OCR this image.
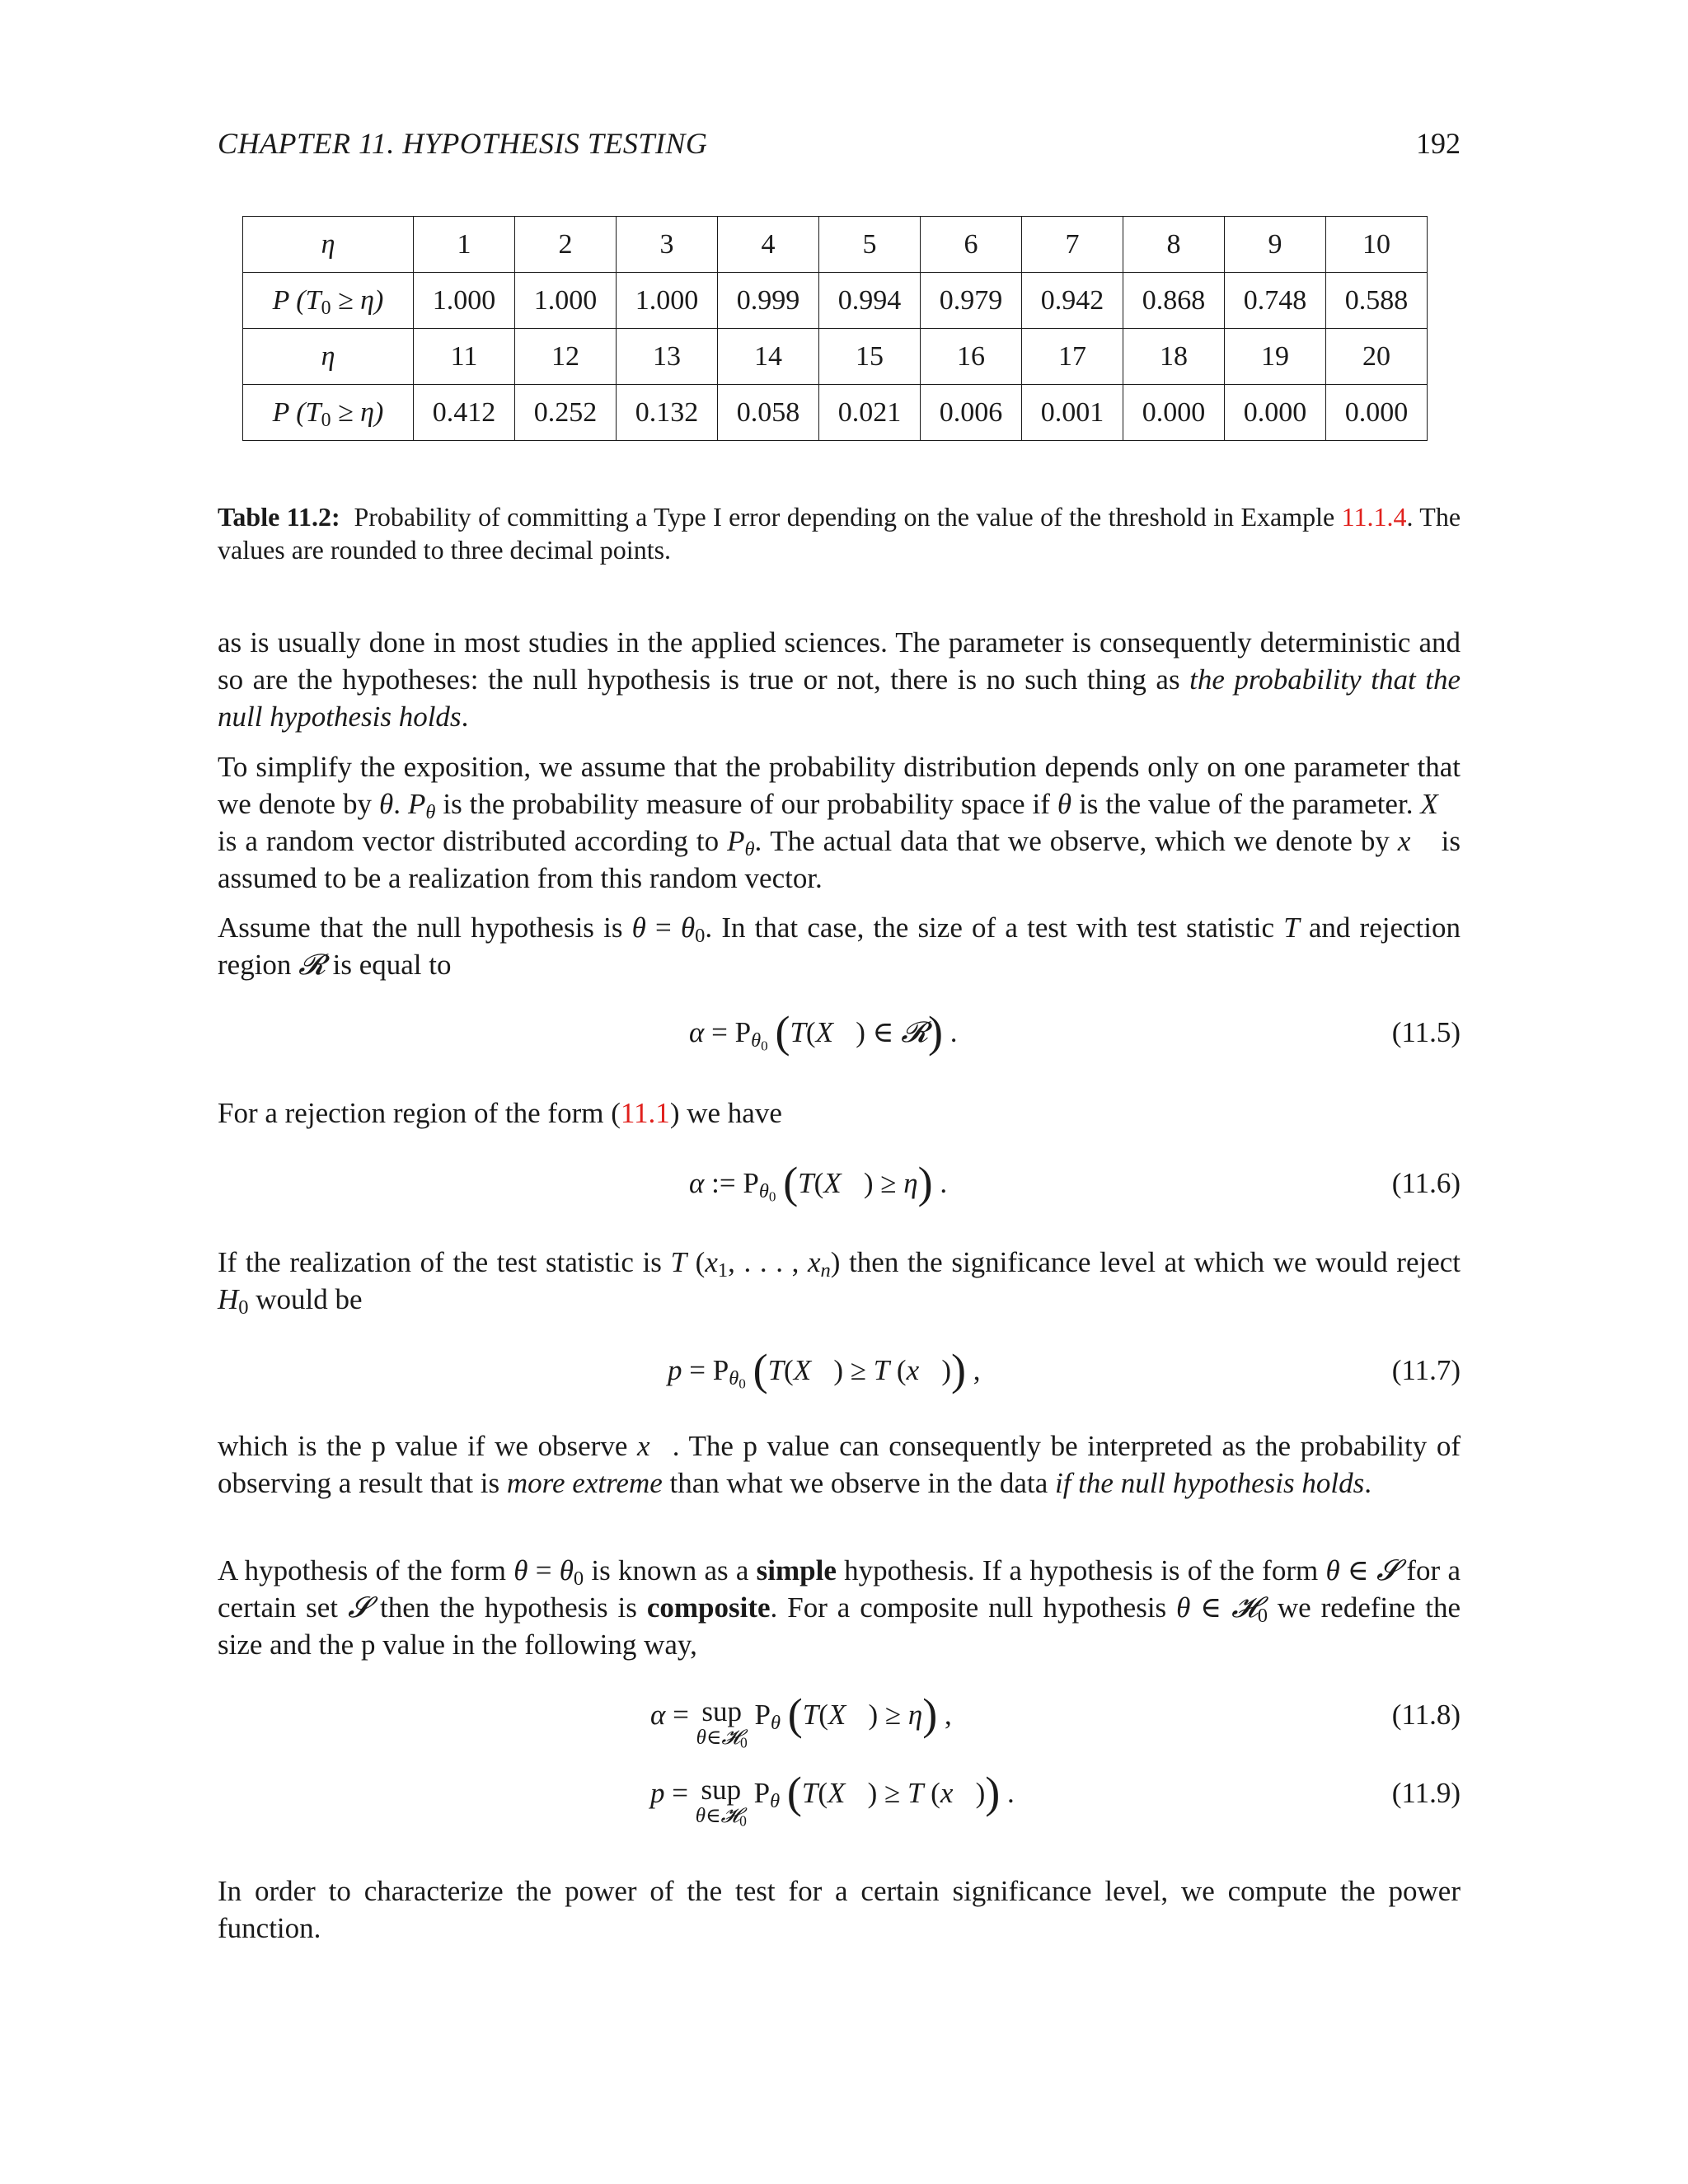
CHAPTER 11. HYPOTHESIS TESTING	192
η	1	2	3	4	5	6	7	8	9	10
P $(T_0 \ge \eta)$	1.000	1.000	1.000	0.999	0.994	0.979	0.942	0.868	0.748	0.588
η	11	12	13	14	15	16	17	18	19	20
P $(T_0 \ge \eta)$	0.412	0.252	0.132	0.058	0.021	0.006	0.001	0.000	0.000	0.000
Table 11.2: Probability of committing a Type I error depending on the value of the threshold in Example 11.1.4. The values are rounded to three decimal points.
as is usually done in most studies in the applied sciences. The parameter is consequently deterministic and so are the hypotheses: the null hypothesis is true or not, there is no such thing as the probability that the null hypothesis holds.
To simplify the exposition, we assume that the probability distribution depends only on one parameter that we denote by θ. $P_\theta$ is the probability measure of our probability space if θ is the value of the parameter. X⃗ is a random vector distributed according to $P_\theta$. The actual data that we observe, which we denote by x⃗ is assumed to be a realization from this random vector.
Assume that the null hypothesis is $\theta = \theta_0$. In that case, the size of a test with test statistic T and rejection region 𝓡 is equal to
$\alpha = P_{\theta_0}$ (T(X⃗) ∈ 𝓡) .	(11.5)
For a rejection region of the form (11.1) we have
α := $P_{\theta_0}$ (T(X⃗) ≥ η) .	(11.6)
If the realization of the test statistic is T ($x_1$, . . . , $x_n$) then the significance level at which we would reject $H_0$ would be
$p = P_{\theta_0}$ (T(X⃗) ≥ T (x⃗)) ,	(11.7)
which is the p value if we observe x⃗. The p value can consequently be interpreted as the probability of observing a result that is more extreme than what we observe in the data if the null hypothesis holds.
A hypothesis of the form $\theta = \theta_0$ is known as a simple hypothesis. If a hypothesis is of the form θ ∈ 𝓢 for a certain set 𝓢 then the hypothesis is composite. For a composite null hypothesis θ ∈ 𝓗$_0$ we redefine the size and the p value in the following way,
α = sup
θ∈𝓗$_0$
$P_\theta$ (T(X⃗) ≥ η) ,	(11.8)
p = sup
θ∈𝓗$_0$
$P_\theta$ (T(X⃗) ≥ T (x⃗)) .	(11.9)
In order to characterize the power of the test for a certain significance level, we compute the power function.
